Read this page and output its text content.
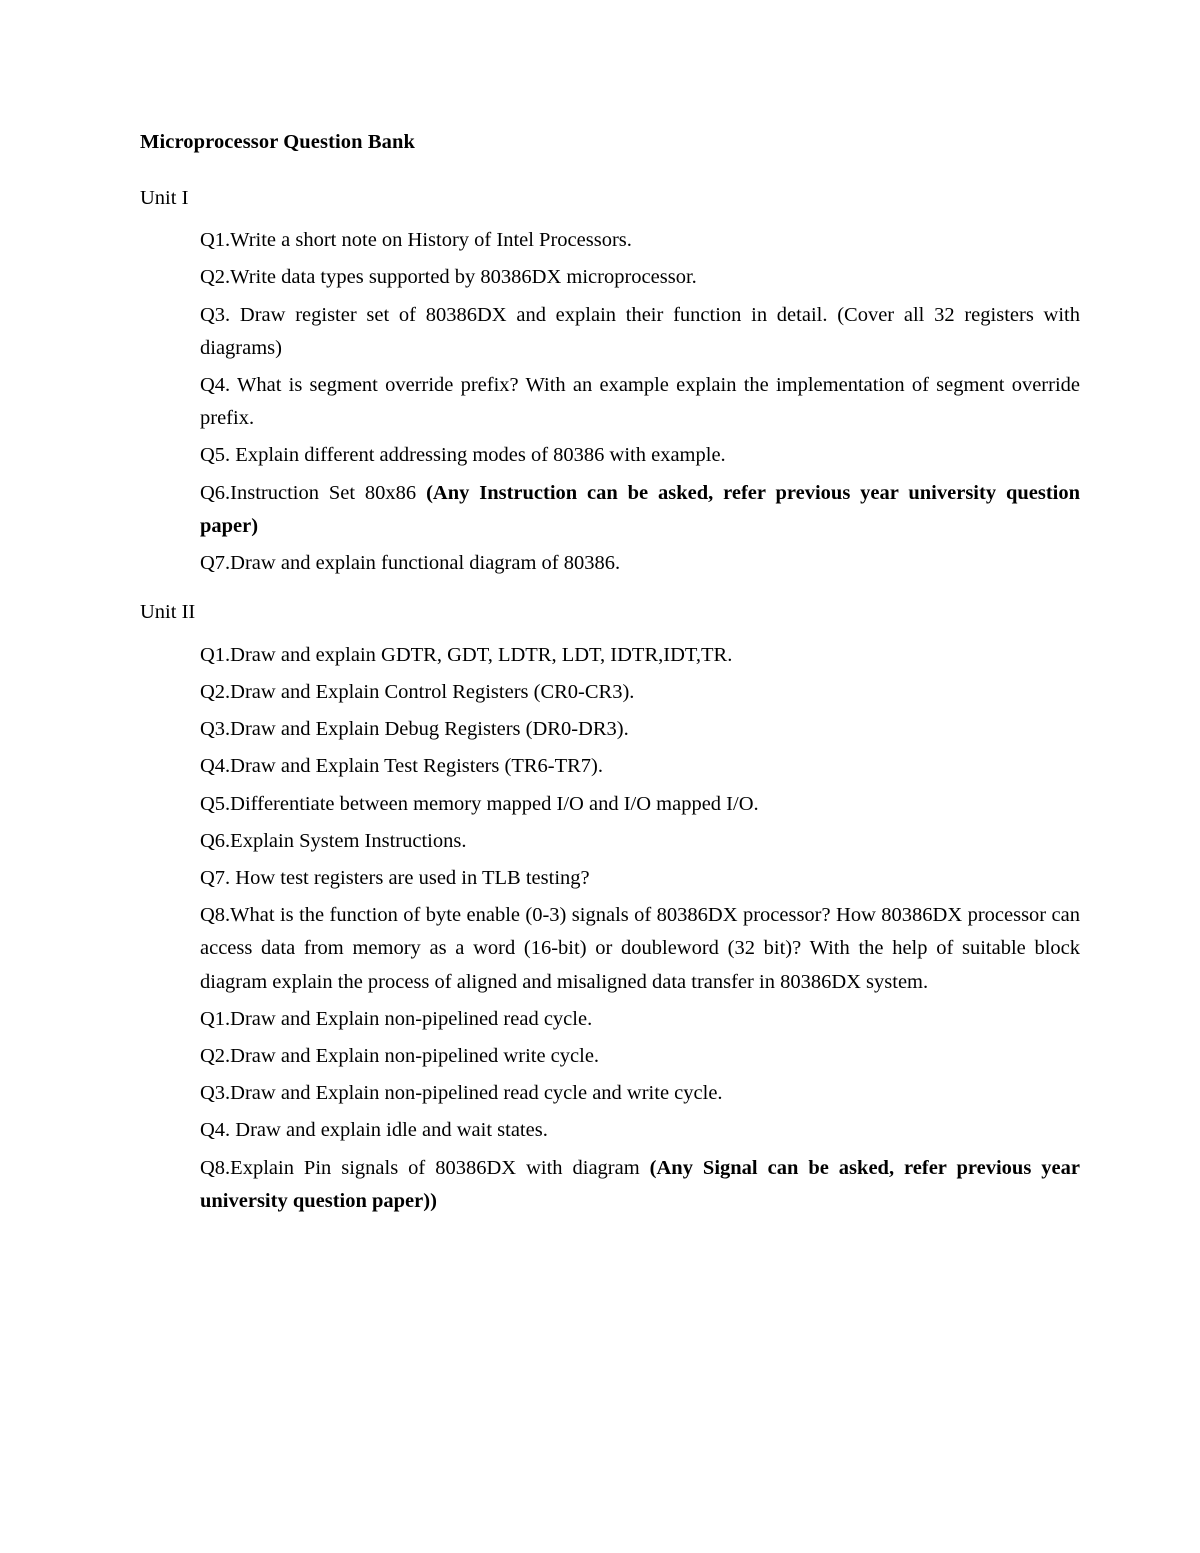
Microprocessor Question Bank
Unit I
Q1.Write a short note on History of Intel Processors.
Q2.Write data types supported by 80386DX microprocessor.
Q3. Draw register set of 80386DX and explain their function in detail. (Cover all 32 registers with diagrams)
Q4. What is segment override prefix? With an example explain the implementation of segment override prefix.
Q5. Explain different addressing modes of 80386 with example.
Q6.Instruction Set 80x86 (Any Instruction can be asked, refer previous year university question paper)
Q7.Draw and explain functional diagram of 80386.
Unit II
Q1.Draw and explain GDTR, GDT, LDTR, LDT, IDTR,IDT,TR.
Q2.Draw and Explain Control Registers (CR0-CR3).
Q3.Draw and Explain Debug Registers (DR0-DR3).
Q4.Draw and Explain Test Registers (TR6-TR7).
Q5.Differentiate between memory mapped I/O and I/O mapped I/O.
Q6.Explain System Instructions.
Q7. How test registers are used in TLB testing?
Q8.What is the function of byte enable (0-3) signals of 80386DX processor? How 80386DX processor can access data from memory as a word (16-bit) or doubleword (32 bit)? With the help of suitable block diagram explain the process of aligned and misaligned data transfer in 80386DX system.
Q1.Draw and Explain non-pipelined read cycle.
Q2.Draw and Explain non-pipelined write cycle.
Q3.Draw and Explain non-pipelined read cycle and write cycle.
Q4. Draw and explain idle and wait states.
Q8.Explain Pin signals of 80386DX with diagram (Any Signal can be asked, refer previous year university question paper))
